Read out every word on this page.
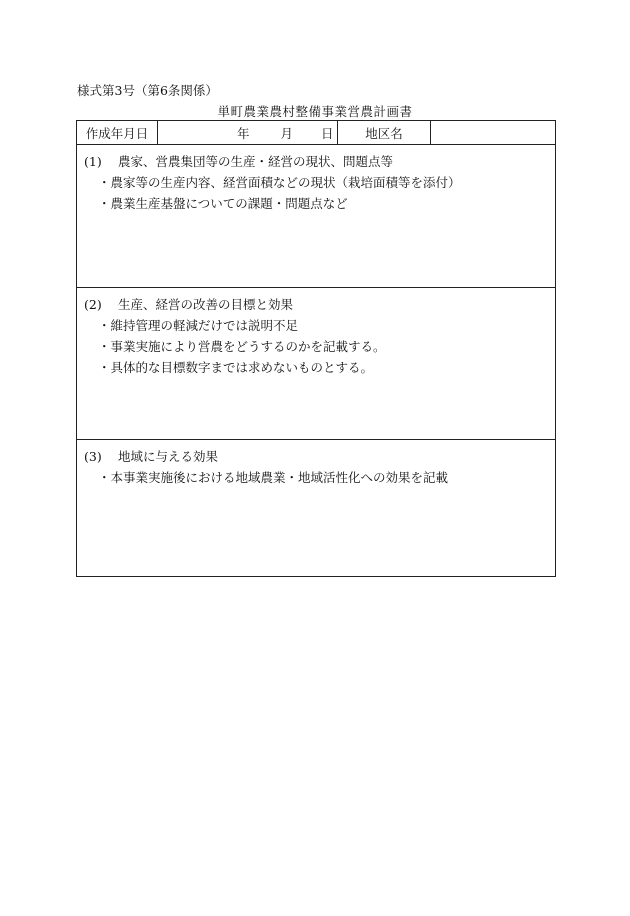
様式第3号（第6条関係）
単町農業農村整備事業営農計画書
作成年月日	年 月 日	地区名
(1)	農家、営農集団等の生産・経営の現状、問題点等
・農家等の生産内容、経営面積などの現状（栽培面積等を添付）
・農業生産基盤についての課題・問題点など
(2)	生産、経営の改善の目標と効果
・維持管理の軽減だけでは説明不足
・事業実施により営農をどうするのかを記載する。
・具体的な目標数字までは求めないものとする。
(3)	地域に与える効果
・本事業実施後における地域農業・地域活性化への効果を記載
